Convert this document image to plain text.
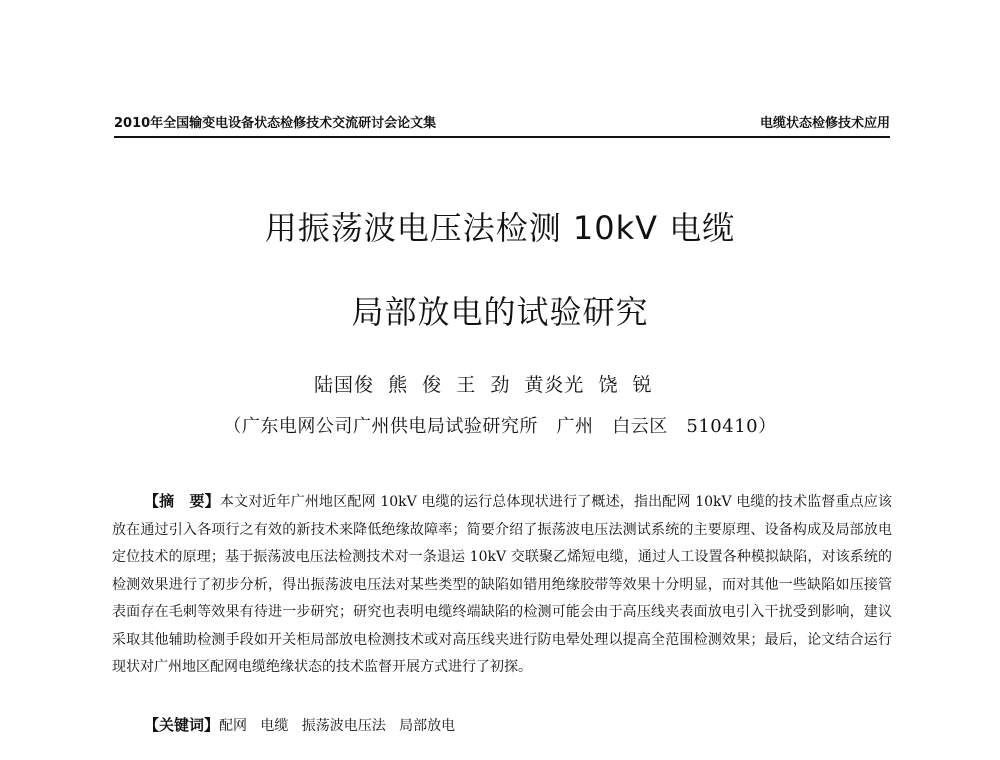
2010年全国输变电设备状态检修技术交流研讨会论文集	电缆状态检修技术应用
用振荡波电压法检测 10kV 电缆
局部放电的试验研究
陆国俊  熊  俊  王  劲  黄炎光  饶  锐
（广东电网公司广州供电局试验研究所   广州   白云区   510410）

【摘　要】本文对近年广州地区配网 10kV 电缆的运行总体现状进行了概述，指出配网 10kV 电缆的技术监督重点应该放在通过引入各项行之有效的新技术来降低绝缘故障率；简要介绍了振荡波电压法测试系统的主要原理、设备构成及局部放电定位技术的原理；基于振荡波电压法检测技术对一条退运 10kV 交联聚乙烯短电缆，通过人工设置各种模拟缺陷，对该系统的检测效果进行了初步分析，得出振荡波电压法对某些类型的缺陷如错用绝缘胶带等效果十分明显，而对其他一些缺陷如压接管表面存在毛刺等效果有待进一步研究；研究也表明电缆终端缺陷的检测可能会由于高压线夹表面放电引入干扰受到影响，建议采取其他辅助检测手段如开关柜局部放电检测技术或对高压线夹进行防电晕处理以提高全范围检测效果；最后，论文结合运行现状对广州地区配网电缆绝缘状态的技术监督开展方式进行了初探。

【关键词】配网   电缆   振荡波电压法   局部放电
